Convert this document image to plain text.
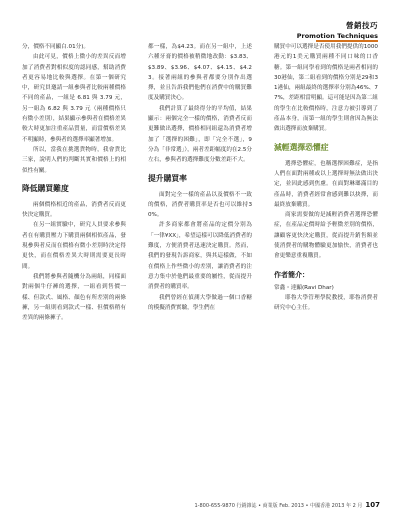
營銷技巧
Promotion Techniques

分，價格不同顯白.01分)。

由此可見，價格上微小的差異反而增加了消費者對相似度的認同感，幫助消費者更容易地比較與選擇。在第一個研究中，研究員邀請一組參與者比較兩種價格不同的產品，一組是 6.81 與 3.79 元，另一組為 6.82 與 3.79 元（兩種價格只有微小差別），結果顯示參與者在價格差異較大時更加注重產品質量，而當價格差異不明顯時，參與者的選擇率顯著增加。

所以，當我在挑選貨物時，我會貨比三家，說明人們的判斷其實和價格上的相似性有關。

降低購買難度

兩個價格相近的產品，消費者反而更快決定購買。

在另一組實驗中，研究人員要求參與者在有購買壓力下購買兩個相似產品，發現參與者反而在價格有微小差別時決定得更快，而在價格差異大時則需要更長時間。

我們將參與者隨機分為兩組，同樣面對兩個牛仔褲的選擇，一組看到售價一樣、但款式、風格、顏色有所差別的兩條褲，另一組則看到款式一樣、但價格稍有差異的兩條褲子。

都一樣，為$4.23。而在另一組中，上述六種牙膏的價格被稍微地改動：$3.83、$3.89、$3.96、$4.07、$4.15、$4.23。接著兩組的參與者都要分別作出選擇，並且告訴我們他們在消費中的購買難度及購買決心。

我們計算了最終得分的平均值，結果顯示：兩個完全一樣的價格，消費者反而更難做出選擇，價格相同組還為消費者增加了「選擇的困難」，即「完全不選」，9分為「非常選」），兩者差距幅度約在2.5分左右，參與者的選擇難度分數差距不大。

提升購買率

面對完全一樣的產品以及價格不一致的價格，消費者購買率是否也可以維持30%。

許多商家都會將產品的定價分別為「一律¥XX」，希望這樣可以降低消費者的難度，方便消費者迅速決定購買。然而，我們的發現告訴商家，與其這樣做，不如在價格上作些微小的差別，讓消費者的注意力集中於他們最重要的屬性，從而提升消費者的購買率。

我們曾經在偵測大學做過一個口香糖的模擬消費實驗，學生們在

購買中可以選擇是否使用我們提供的1000港元的1美元購買兩種不同口味的口香糖。第一組同學看到的價格是兩者相同的30港仙，第二組看到的價格分別是29和31港仙，兩組最終的選擇率分別為46%、77%，差距相當明顯。這可能是因為第二組的學生在比較價格時，注意力被引導到了產品本身，而第一組的學生則會因為無法做出選擇而放棄購買。

減輕選擇恐懼症

選擇恐懼症，也稱選擇困難症，是指人們在面對兩種或以上選擇時無法做出決定，並因此感到焦慮。在面對琳瑯滿目的產品時，消費者經常會感到難以抉擇，而最終放棄購買。

商家需要做的是減輕消費者選擇恐懼症，在產品定價時給予輕微差別的價格，讓顧客更快決定購買，從而提升銷售額並使消費者的購物體驗更加愉快，消費者也會更樂意重複購買。

作者簡介：

常鑫・達顯(Ravi Dhar)

耶魯大學管理學院教授，耶魯消費者研究中心主任。

1-800-655-9870 行銷雜誌 • 商業版 Feb. 2013 • 中國香港 2013 年 2 月 107
